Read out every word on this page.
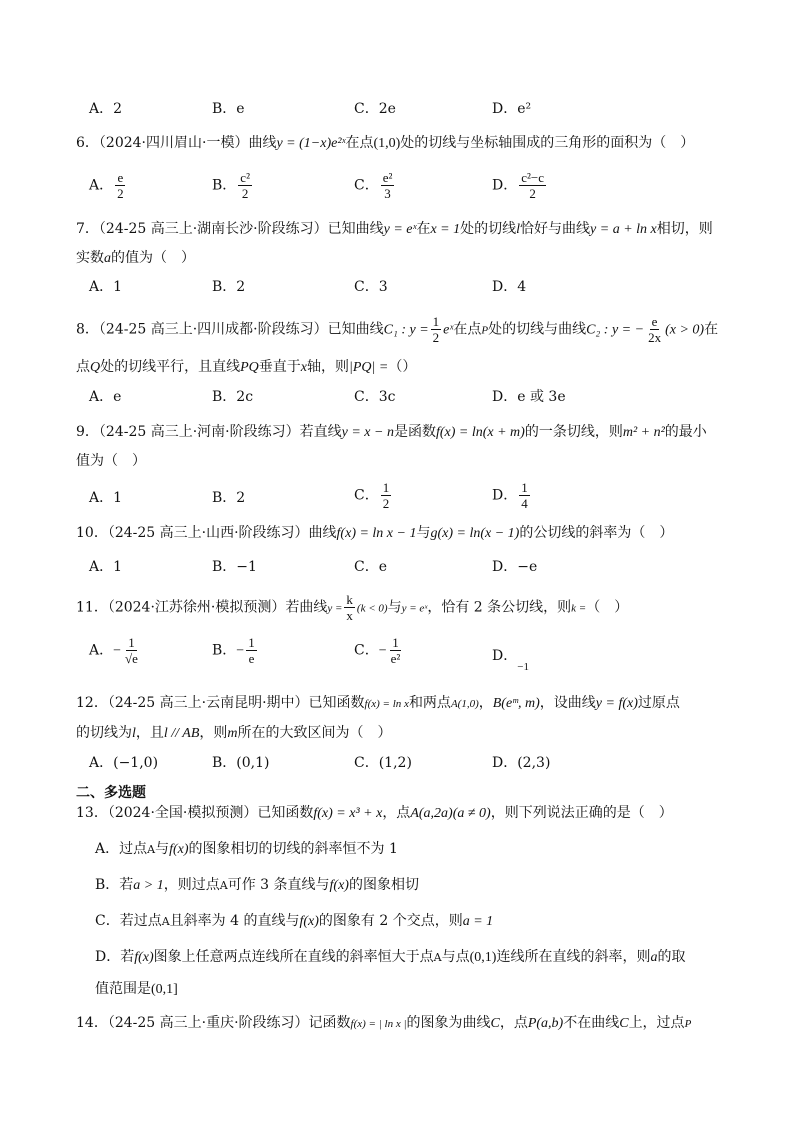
A．2	B．e	C．2e	D．e²
6．（2024·四川眉山·一模）曲线y = (1−x)e²ˣ在点(1,0)处的切线与坐标轴围成的三角形的面积为（　）
A． $\frac{e}{2}$	B． $\frac{\text{c²}}{2}$	C． $\frac{\text{e²}}{3}$	D． $\frac{\text{c²−c}}{2}$
7．（24-25 高三上·湖南长沙·阶段练习）已知曲线y = eˣ在x = 1处的切线l恰好与曲线y = a + ln x相切，则
实数a的值为（　）
A．1	B．2	C．3	D．4
8．（24-25 高三上·四川成都·阶段练习）已知曲线C₁ : $y = \frac{1}{2}$ eˣ在点P处的切线与曲线C₂ : y = − $\frac{e}{2x} (x > 0)$在
点Q处的切线平行，且直线PQ垂直于x轴，则|PQ| =（）
A．e	B．2c	C．3c	D．e 或 3e
9．（24-25 高三上·河南·阶段练习）若直线y = x − n是函数f(x) = ln(x + m)的一条切线，则m² + n²的最小
值为（　）
A．1	B．2	C． $\frac{1}{2}$	D． $\frac{1}{4}$
10．（24-25 高三上·山西·阶段练习）曲线f(x) = ln x − 1与g(x) = ln(x − 1)的公切线的斜率为（　）
A．1	B．−1	C．e	D．−e
11．（2024·江苏徐州·模拟预测）若曲线$y = \frac{k}{x} (k < 0)$与y = eˣ，恰有 2 条公切线，则k =（　）
A．− $\frac{1}{√e}$	B．− $\frac{1}{e}$	C．− $\frac{1}{\text{e²}}$	D．$_{-1}$
12．（24-25 高三上·云南昆明·期中）已知函数f(x) = ln x和两点A(1,0)，B(eᵐ, m)，设曲线y = f(x)过原点
的切线为l，且l // AB，则m所在的大致区间为（　）
A．(−1,0)	B．(0,1)	C．(1,2)	D．(2,3)
二、多选题
13．（2024·全国·模拟预测）已知函数f(x) = x³ + x，点A(a,2a)(a ≠ 0)，则下列说法正确的是（　）
A．过点A与f(x)的图象相切的切线的斜率恒不为 1
B．若a > 1，则过点A可作 3 条直线与f(x)的图象相切
C．若过点A且斜率为 4 的直线与f(x)的图象有 2 个交点，则a = 1
D．若f(x)图象上任意两点连线所在直线的斜率恒大于点A与点(0,1)连线所在直线的斜率，则a的取
值范围是(0,1]
14．（24-25 高三上·重庆·阶段练习）记函数f(x) = | ln x |的图象为曲线C，点P(a,b)不在曲线C上，过点P
